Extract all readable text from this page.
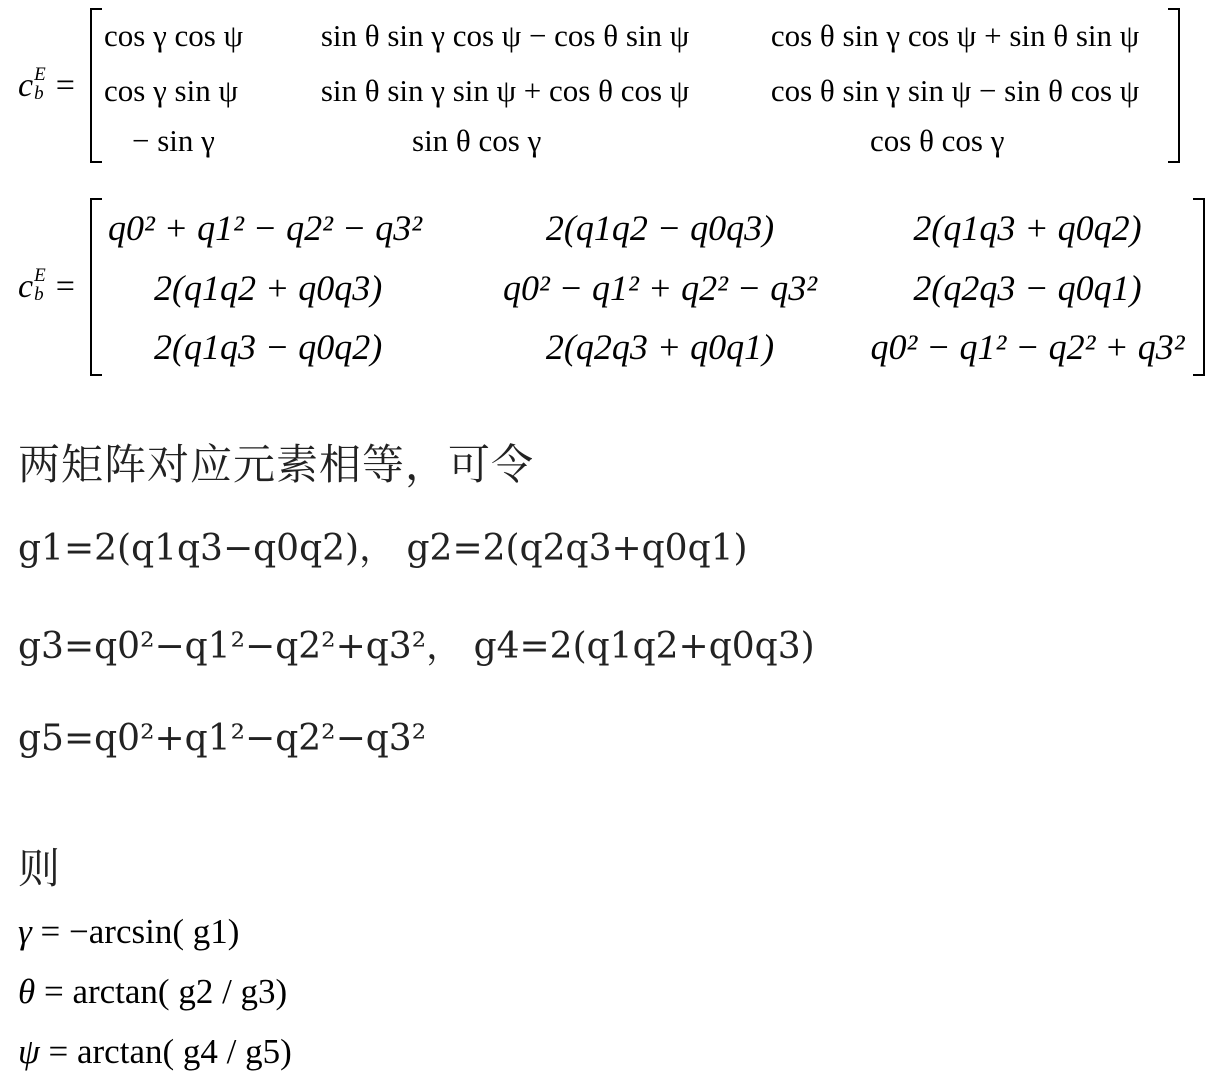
c E
b =
cos γ cos ψ	sin θ sin γ cos ψ − cos θ sin ψ	cos θ sin γ cos ψ + sin θ sin ψ
cos γ sin ψ	sin θ sin γ sin ψ + cos θ cos ψ	cos θ sin γ sin ψ − sin θ cos ψ
− sin γ	sin θ cos γ	cos θ cos γ
c E
b =
q0² + q1² − q2² − q3²	2(q1q2 − q0q3)	2(q1q3 + q0q2)
2(q1q2 + q0q3)	q0² − q1² + q2² − q3²	2(q2q3 − q0q1)
2(q1q3 − q0q2)	2(q2q3 + q0q1)	q0² − q1² − q2² + q3²
两矩阵对应元素相等，可令
g1=2(q1q3−q0q2)， g2=2(q2q3+q0q1)
g3=q0²−q1²−q2²+q3²， g4=2(q1q2+q0q3)
g5=q0²+q1²−q2²−q3²
则
γ = −arcsin( g1)
θ = arctan( g2 / g3)
ψ = arctan( g4 / g5)
